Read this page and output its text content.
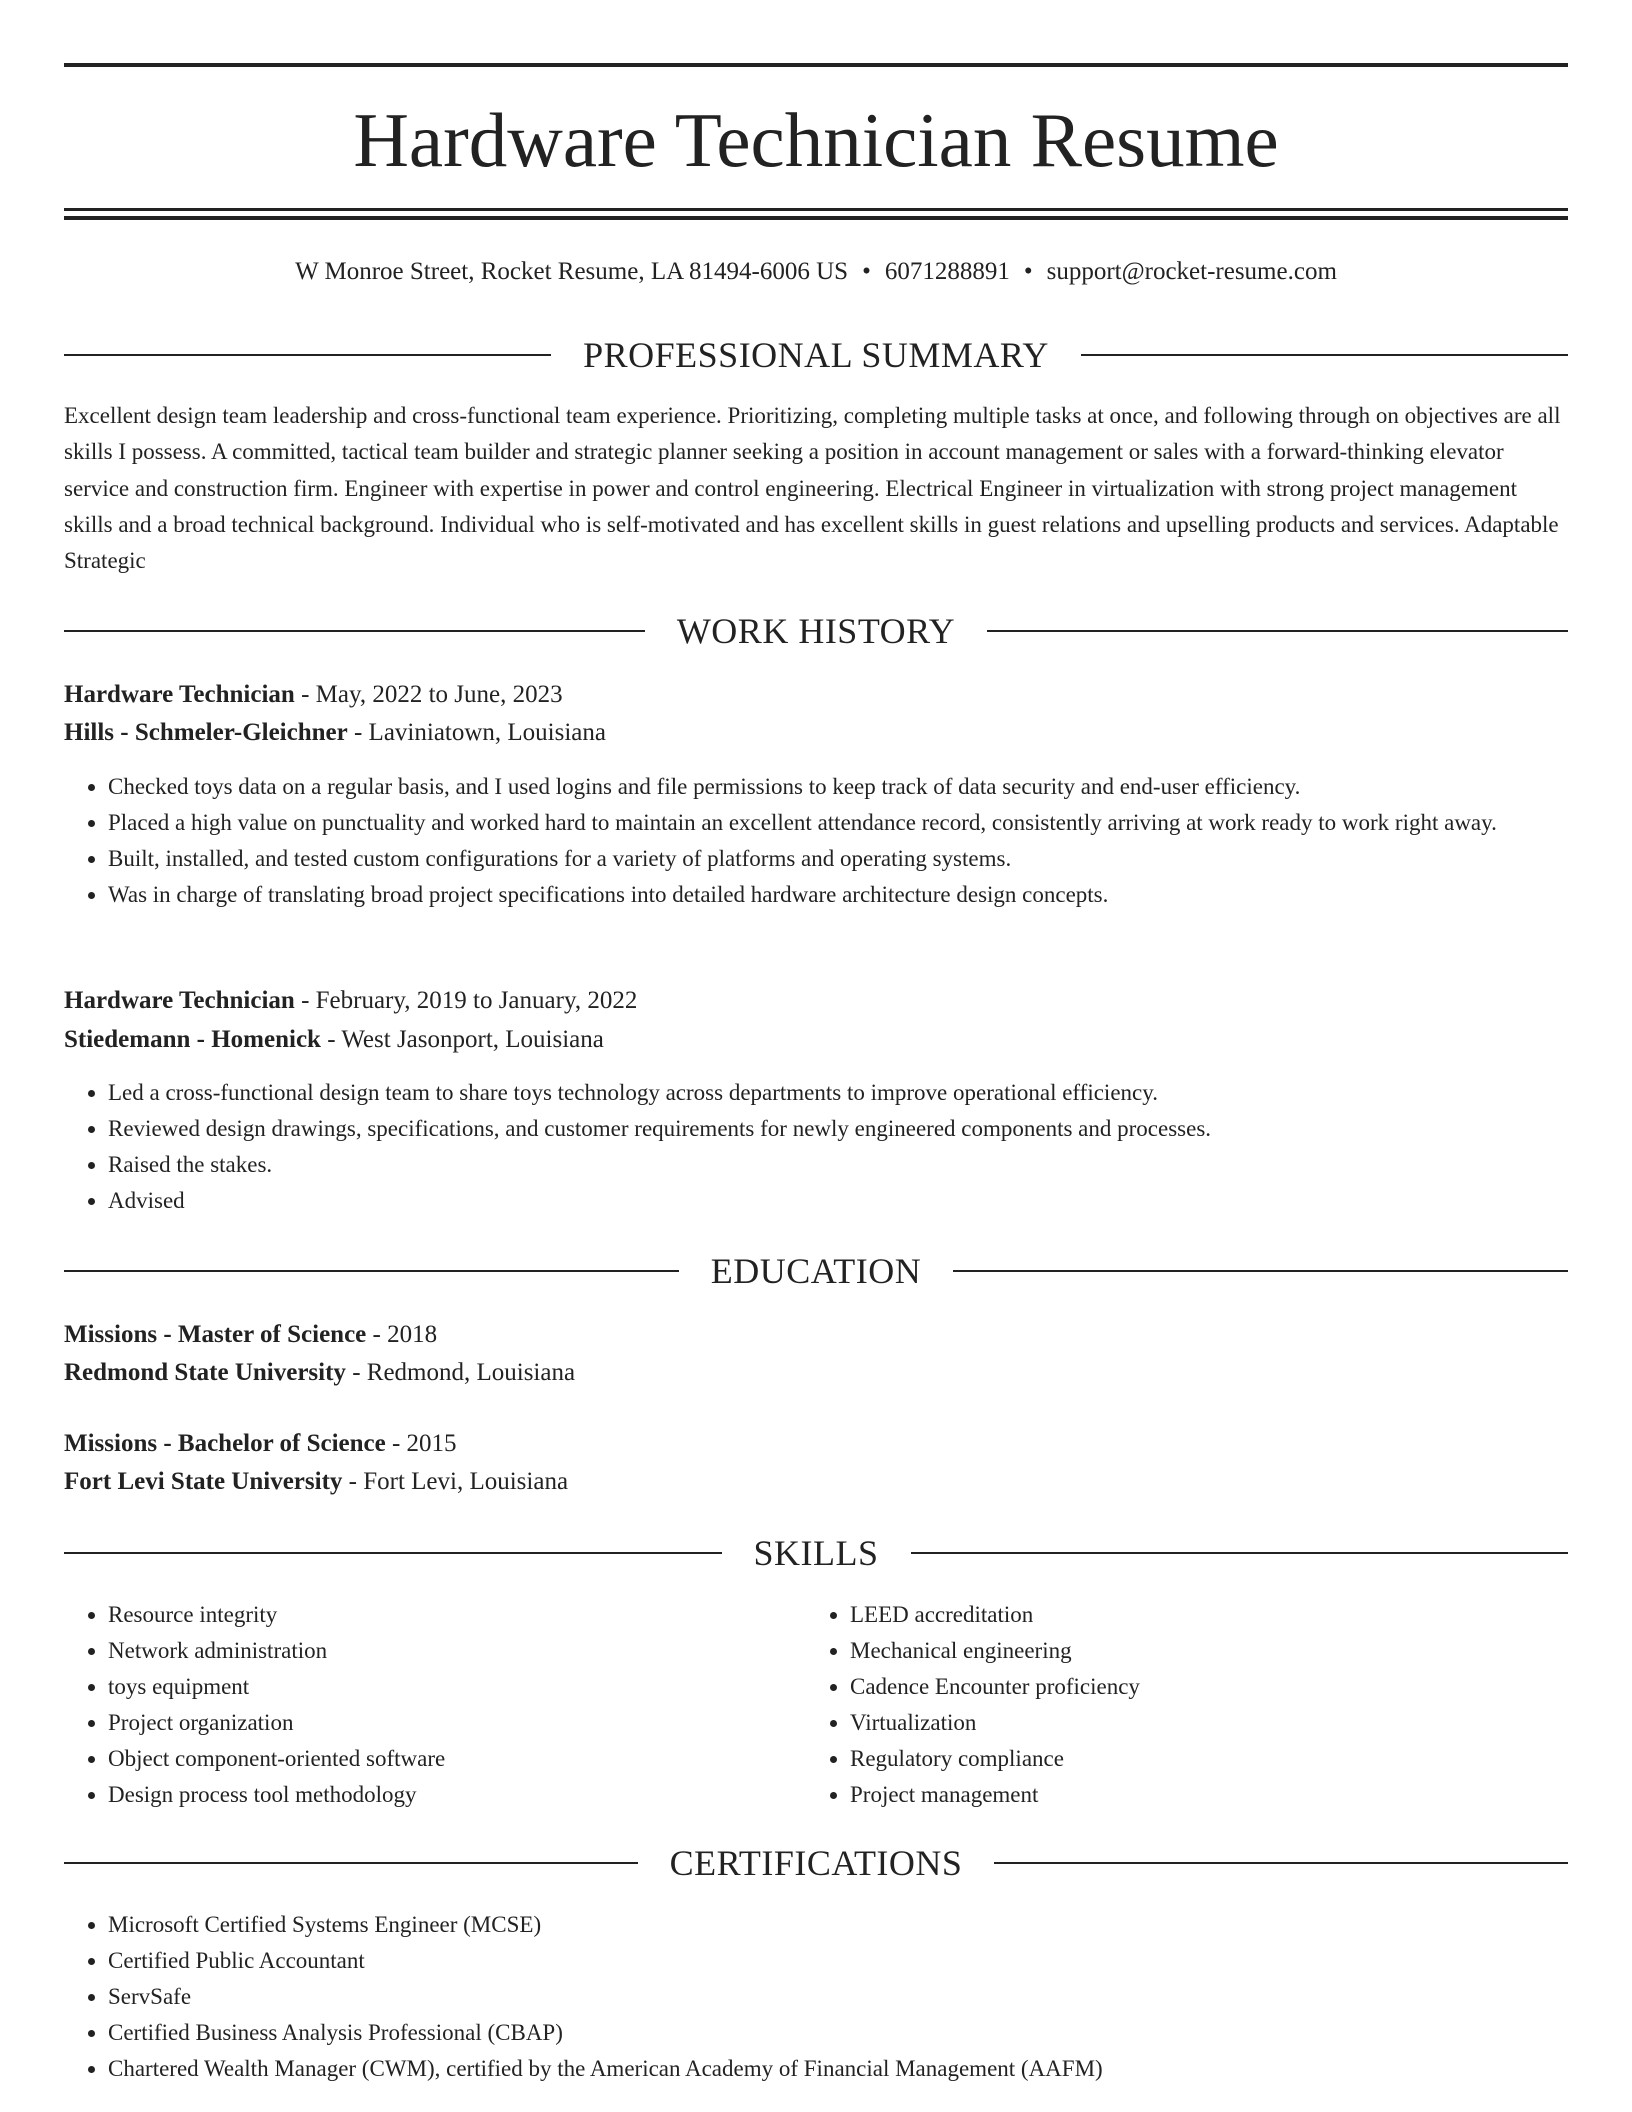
Hardware Technician Resume
W Monroe Street, Rocket Resume, LA 81494-6006 US • 6071288891 • support@rocket-resume.com
PROFESSIONAL SUMMARY

Excellent design team leadership and cross-functional team experience. Prioritizing, completing multiple tasks at once, and following through on objectives are all skills I possess. A committed, tactical team builder and strategic planner seeking a position in account management or sales with a forward-thinking elevator service and construction firm. Engineer with expertise in power and control engineering. Electrical Engineer in virtualization with strong project management skills and a broad technical background. Individual who is self-motivated and has excellent skills in guest relations and upselling products and services. Adaptable Strategic

WORK HISTORY
Hardware Technician - May, 2022 to June, 2023
Hills - Schmeler-Gleichner - Laviniatown, Louisiana
• Checked toys data on a regular basis, and I used logins and file permissions to keep track of data security and end-user efficiency.
• Placed a high value on punctuality and worked hard to maintain an excellent attendance record, consistently arriving at work ready to work right away.
• Built, installed, and tested custom configurations for a variety of platforms and operating systems.
• Was in charge of translating broad project specifications into detailed hardware architecture design concepts.
Hardware Technician - February, 2019 to January, 2022
Stiedemann - Homenick - West Jasonport, Louisiana
• Led a cross-functional design team to share toys technology across departments to improve operational efficiency.
• Reviewed design drawings, specifications, and customer requirements for newly engineered components and processes.
• Raised the stakes.
• Advised
EDUCATION
Missions - Master of Science - 2018
Redmond State University - Redmond, Louisiana
Missions - Bachelor of Science - 2015
Fort Levi State University - Fort Levi, Louisiana
SKILLS
• Resource integrity
• Network administration
• toys equipment
• Project organization
• Object component-oriented software
• Design process tool methodology
• LEED accreditation
• Mechanical engineering
• Cadence Encounter proficiency
• Virtualization
• Regulatory compliance
• Project management
CERTIFICATIONS
• Microsoft Certified Systems Engineer (MCSE)
• Certified Public Accountant
• ServSafe
• Certified Business Analysis Professional (CBAP)
• Chartered Wealth Manager (CWM), certified by the American Academy of Financial Management (AAFM)
